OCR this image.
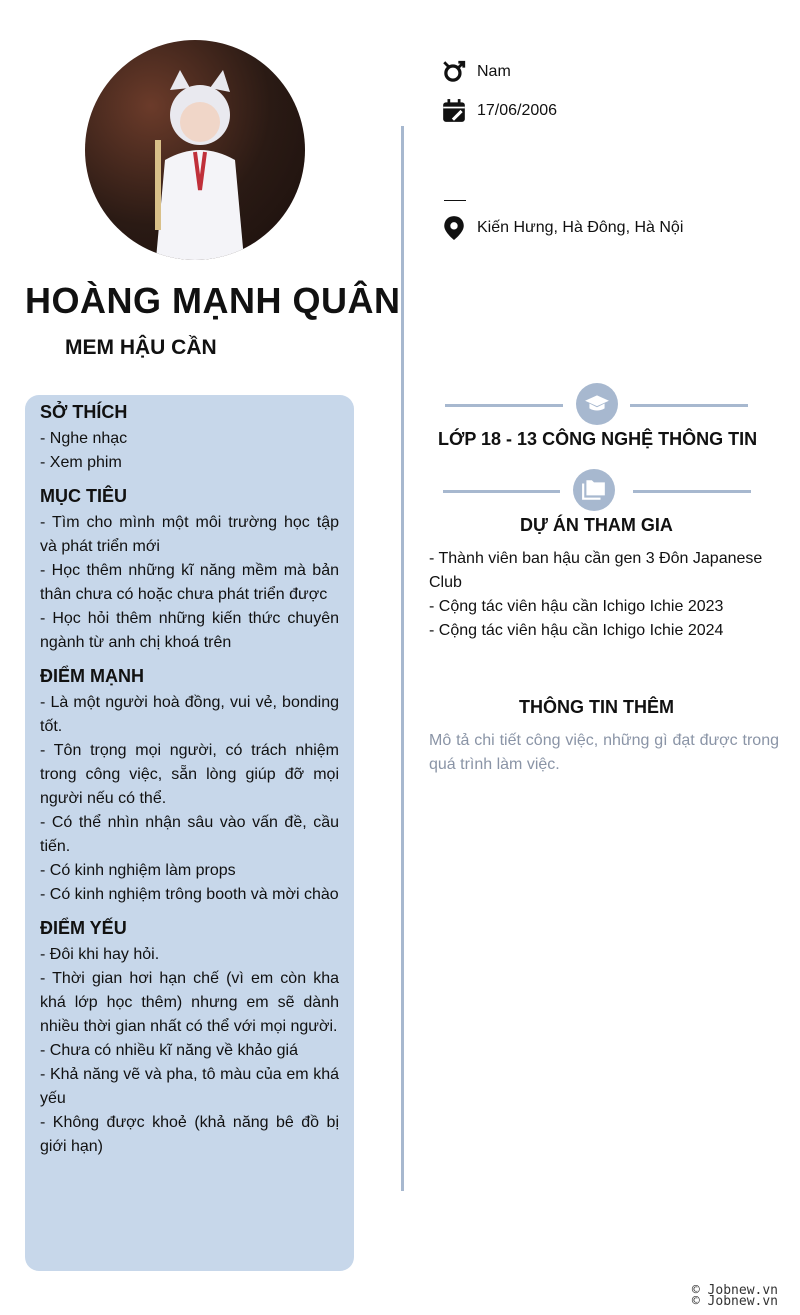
HOÀNG MẠNH QUÂN
MEM HẬU CẦN
Nam
17/06/2006
Kiến Hưng, Hà Đông, Hà Nội
SỞ THÍCH

- Nghe nhạc

- Xem phim

MỤC TIÊU

- Tìm cho mình một môi trường học tập và phát triển mới

- Học thêm những kĩ năng mềm mà bản thân chưa có hoặc chưa phát triển được

- Học hỏi thêm những kiến thức chuyên ngành từ anh chị khoá trên

ĐIỂM MẠNH

- Là một người hoà đồng, vui vẻ, bonding tốt.

- Tôn trọng mọi người, có trách nhiệm trong công việc, sẵn lòng giúp đỡ mọi người nếu có thể.

- Có thể nhìn nhận sâu vào vấn đề, cầu tiến.

- Có kinh nghiệm làm props

- Có kinh nghiệm trông booth và mời chào

ĐIỂM YẾU

- Đôi khi hay hỏi.

- Thời gian hơi hạn chế (vì em còn kha khá lớp học thêm) nhưng em sẽ dành nhiều thời gian nhất có thể với mọi người.

- Chưa có nhiều kĩ năng về khảo giá

- Khả năng vẽ và pha, tô màu của em khá yếu

- Không được khoẻ (khả năng bê đồ bị giới hạn)

LỚP 18 - 13 CÔNG NGHỆ THÔNG TIN
DỰ ÁN THAM GIA

- Thành viên ban hậu cần gen 3 Đôn Japanese Club

- Cộng tác viên hậu cần Ichigo Ichie 2023

- Cộng tác viên hậu cần Ichigo Ichie 2024

THÔNG TIN THÊM
Mô tả chi tiết công việc, những gì đạt được trong quá trình làm việc.
© Jobnew.vn
© Jobnew.vn
